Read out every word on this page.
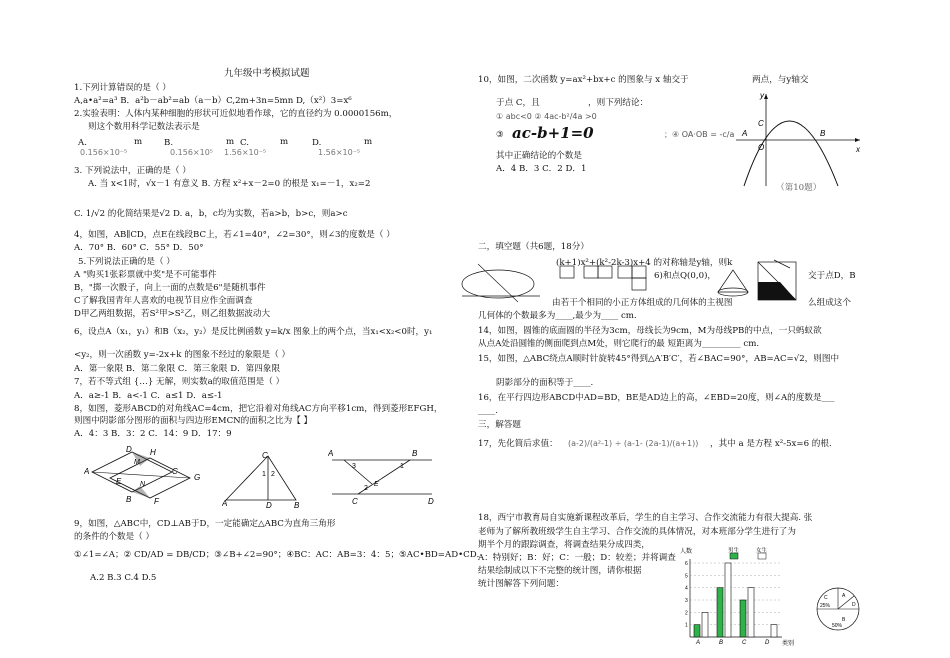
九年级中考模拟试题
1.下列计算错误的是（ ）
A,a•a²=a³ B．a²b－ab²=ab（a－b）C,2m+3n=5mn D,（x²）3=x⁶
2.实验表明：人体内某种细胞的形状可近似地看作球，它的直径约为 0.0000156m，
则这个数用科学记数法表示是
A.
0.156×10⁻⁵
m	B.
0.156×10⁵
m C.
1.56×10⁻⁵
m	D.
1.56×10⁻⁵
m
3. 下列说法中，正确的是（ ）
A. 当 x<1时，√x－1 有意义 B. 方程 x²+x－2=0 的根是 x₁=－1，x₂=2
C. 1/√2 的化简结果是√2 D. a，b，c均为实数，若a>b，b>c，则a>c
4，如图，AB∥CD，点E在线段BC上，若∠1=40°，∠2=30°，则∠3的度数是（ ）
A．70° B．60° C．55° D．50°
5.下列说法正确的是（ ）
A "购买1张彩票就中奖"是不可能事件
B，"掷一次骰子，向上一面的点数是6"是随机事件
C了解我国青年人喜欢的电视节目应作全面调查
D甲乙两组数据，若S²甲>S²乙，则乙组数据波动大
6，设点A（x₁，y₁）和B（x₂，y₂）是反比例函数 y=k/x 图象上的两个点，当x₁<x₂<0时，y₁
<y₂，则一次函数 y=-2x+k 的图象不经过的象限是（ ）
A．第一象限 B．第二象限 C．第三象限 D．第四象限
7，若不等式组 {…} 无解，则实数a的取值范围是（ ）
A．a≥-1 B．a<-1 C．a≤1 D．a≤-1
8，如图，菱形ABCD的对角线AC=4cm，把它沿着对角线AC方向平移1cm，得到菱形EFGH，
则图中阴影部分图形的面积与四边形EMCN的面积之比为【 】
A．4：3 B．3：2 C．14：9 D．17：9
A
D H
M
E	N
C
G
B	F
C
A	D	B
1 2
A	B
C	D
E
1
2
3
9，如图，△ABC中，CD⊥AB于D，一定能确定△ABC为直角三角形
的条件的个数是（ ）
①∠1=∠A；② CD/AD = DB/CD；③∠B+∠2=90°；④BC：AC：AB=3：4：5；⑤AC•BD=AD•CD．
A.2 B.3 C.4 D.5
10，如图，二次函数 y=ax²+bx+c 的图象与 x 轴交于	两点，与y轴交
于点 C，且	，则下列结论：
① abc<0 ② 4ac-b²/4a >0
③ ac-b+1=0	；④ OA·OB = -c/a
其中正确结论的个数是
A．4 B．3 C．2 D．1
y
x
A	B
C
O
（第10题）
二，填空题（共6题，18分）
(k+1)x²+(k²-2k-3)x+4 的对称轴是y轴，则k
6)和点Q(0,0)，	交于点D，B
由若干个相同的小正方体组成的几何体的主视图	么组成这个
几何体的个数最多为____,最少为____ cm.
14，如图，圆锥的底面圆的半径为3cm，母线长为9cm，M为母线PB的中点，一只蚂蚁欲
从点A处沿圆锥的侧面爬到点M处，则它爬行的最 短距离为_________ cm.
15，如图，△ABC绕点A顺时针旋转45°得到△A′B′C′，若∠BAC=90°，AB=AC=√2，则图中
阴影部分的面积等于____.
16，在平行四边形ABCD中AD=BD，BE是AD边上的高，∠EBD=20度，则∠A的度数是___
____.
三，解答题
17，先化简后求值： (a-2)/(a²-1) ÷ (a-1- (2a-1)/(a+1)) ，其中 a 是方程 x²-5x=6 的根.
18，西宁市教育局自实施新课程改革后，学生的自主学习、合作交流能力有很大提高. 张
老师为了解所教班级学生自主学习、合作交流的具体情况，对本班部分学生进行了为
期半个月的跟踪调查，将调查结果分成四类，
A：特别好；B：好；C：一般；D：较差；并将调查
结果绘制成以下不完整的统计图，请你根据
统计图解答下列问题：
1
2
3
4
5
6
A	B	C	D
人数
类别
男生	女生
A
B
C
D
25%
50%
